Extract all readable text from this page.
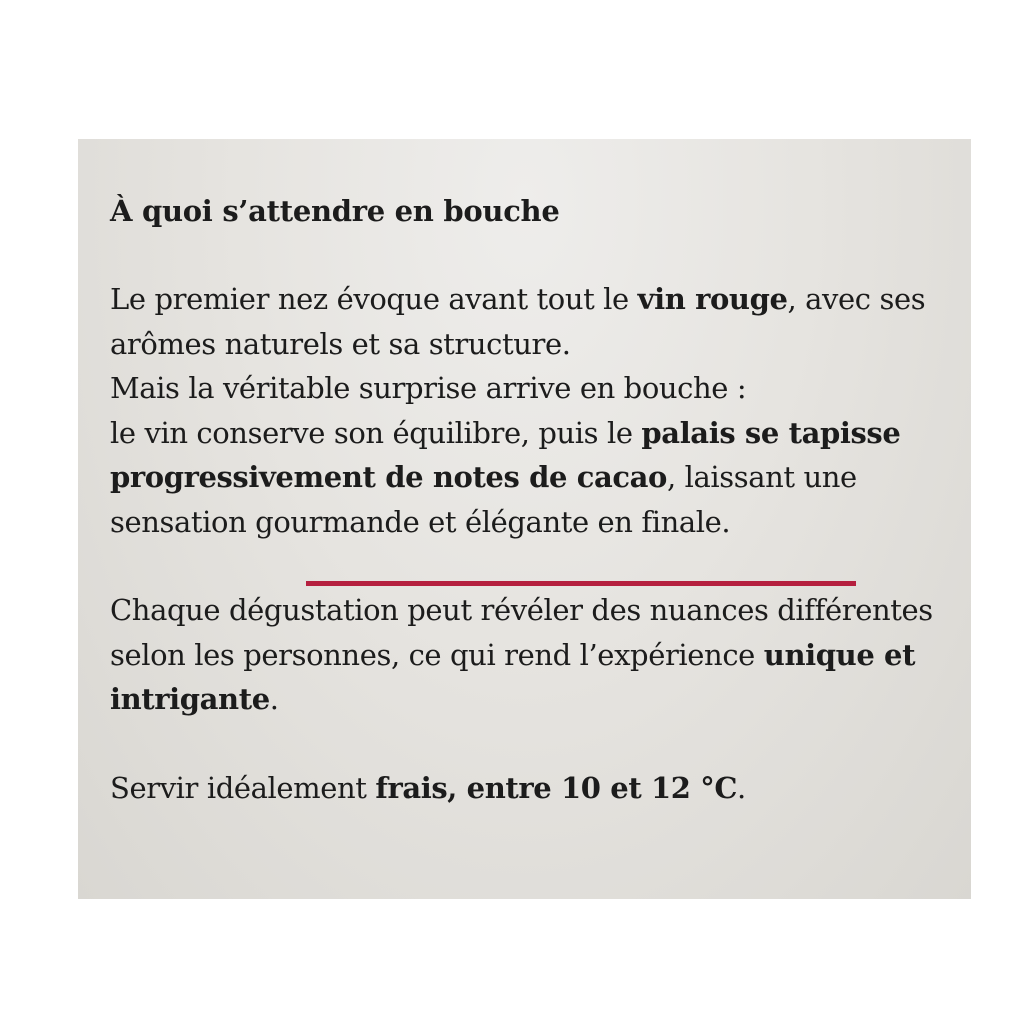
À quoi s’attendre en bouche

Le premier nez évoque avant tout le vin rouge, avec ses arômes naturels et sa structure.
Mais la véritable surprise arrive en bouche :
le vin conserve son équilibre, puis le palais se tapisse progressivement de notes de cacao, laissant une sensation gourmande et élégante en finale.

Chaque dégustation peut révéler des nuances différentes selon les personnes, ce qui rend l’expérience unique et intrigante.

Servir idéalement frais, entre 10 et 12 °C.
